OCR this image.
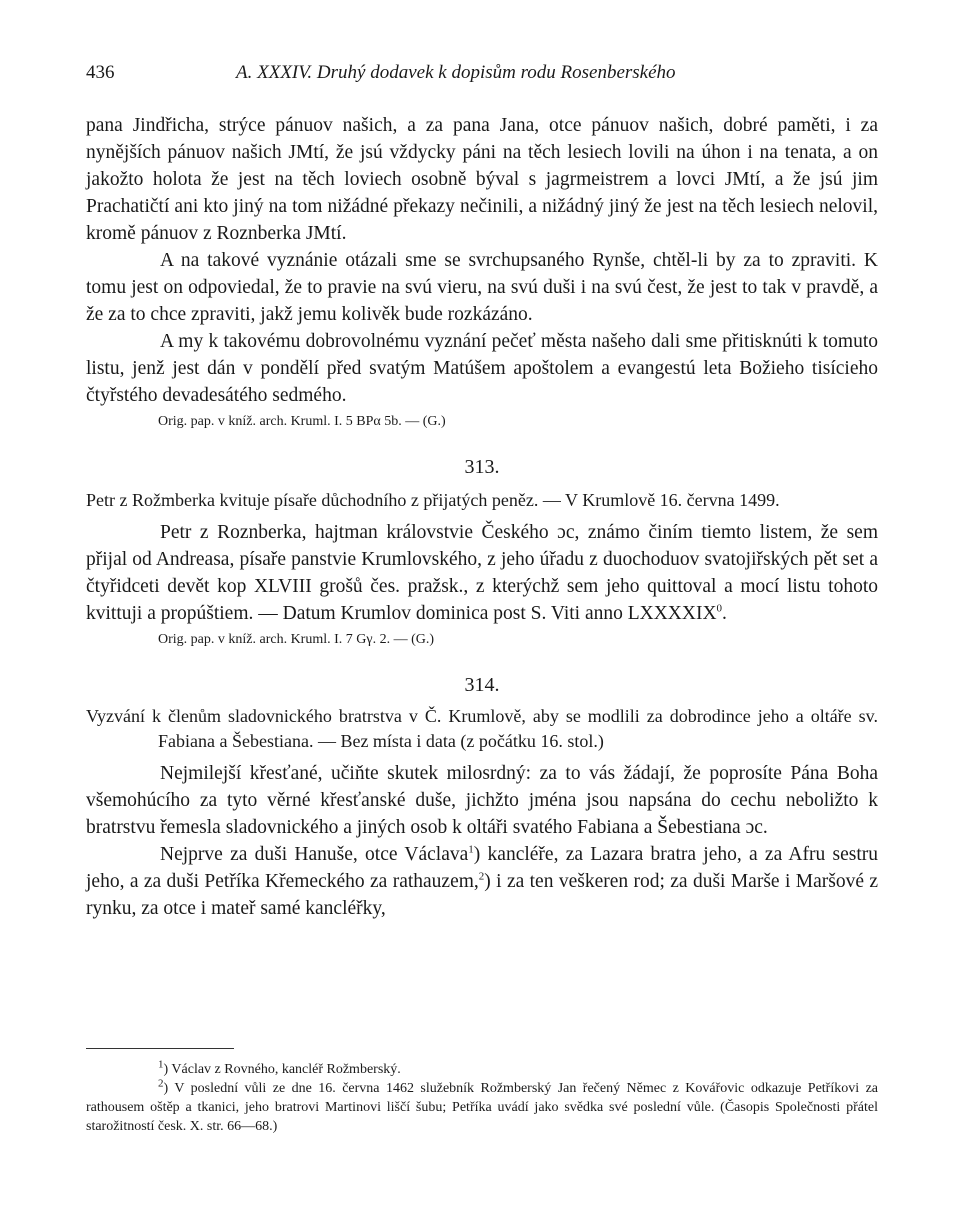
436	A. XXXIV. Druhý dodavek k dopisům rodu Rosenberského

pana Jindřicha, strýce pánuov našich, a za pana Jana, otce pánuov našich, dobré paměti, i za nynějších pánuov našich JMtí, že jsú vždycky páni na těch lesiech lovili na úhon i na tenata, a on jakožto holota že jest na těch loviech osobně býval s jagrmeistrem a lovci JMtí, a že jsú jim Prachatičtí ani kto jiný na tom nižádné překazy nečinili, a nižádný jiný že jest na těch lesiech nelovil, kromě pánuov z Roznberka JMtí.

A na takové vyznánie otázali sme se svrchupsaného Rynše, chtěl-li by za to zpraviti. K tomu jest on odpoviedal, že to pravie na svú vieru, na svú duši i na svú čest, že jest to tak v pravdě, a že za to chce zpraviti, jakž jemu kolivěk bude rozkázáno.

A my k takovému dobrovolnému vyznání pečeť města našeho dali sme přitisknúti k tomuto listu, jenž jest dán v pondělí před svatým Matúšem apoštolem a evangestú leta Božieho tisícieho čtyřstého devadesátého sedmého.

Orig. pap. v kníž. arch. Kruml. I. 5 BPα 5b. — (G.)

313.

Petr z Rožmberka kvituje písaře důchodního z přijatých peněz. — V Krumlově 16. června 1499.

Petr z Roznberka, hajtman královstvie Českého ɔc, známo činím tiemto listem, že sem přijal od Andreasa, písaře panstvie Krumlovského, z jeho úřadu z duochoduov svatojiřských pět set a čtyřidceti devět kop XLVIII grošů čes. pražsk., z kterýchž sem jeho quittoval a mocí listu tohoto kvittuji a propúštiem. — Datum Krumlov dominica post S. Viti anno LXXXXIX$^0$.

Orig. pap. v kníž. arch. Kruml. I. 7 Gγ. 2. — (G.)

314.

Vyzvání k členům sladovnického bratrstva v Č. Krumlově, aby se modlili za dobrodince jeho a oltáře sv. Fabiana a Šebestiana. — Bez místa i data (z počátku 16. stol.)

Nejmilejší křesťané, učiňte skutek milosrdný: za to vás žádají, že poprosíte Pána Boha všemohúcího za tyto věrné křesťanské duše, jichžto jména jsou napsána do cechu neboližto k bratrstvu řemesla sladovnického a jiných osob k oltáři svatého Fabiana a Šebestiana ɔc.

Nejprve za duši Hanuše, otce Václava$^1$) kancléře, za Lazara bratra jeho, a za Afru sestru jeho, a za duši Petříka Křemeckého za rathauzem,$^2$) i za ten veškeren rod; za duši Marše i Maršové z rynku, za otce i mateř samé kancléřky,

$^1$) Václav z Rovného, kancléř Rožmberský.

$^2$) V poslední vůli ze dne 16. června 1462 služebník Rožmberský Jan řečený Němec z Kovářovic odkazuje Petříkovi za rathousem oštěp a tkanici, jeho bratrovi Martinovi liščí šubu; Petříka uvádí jako svědka své poslední vůle. (Časopis Společnosti přátel starožitností česk. X. str. 66—68.)
